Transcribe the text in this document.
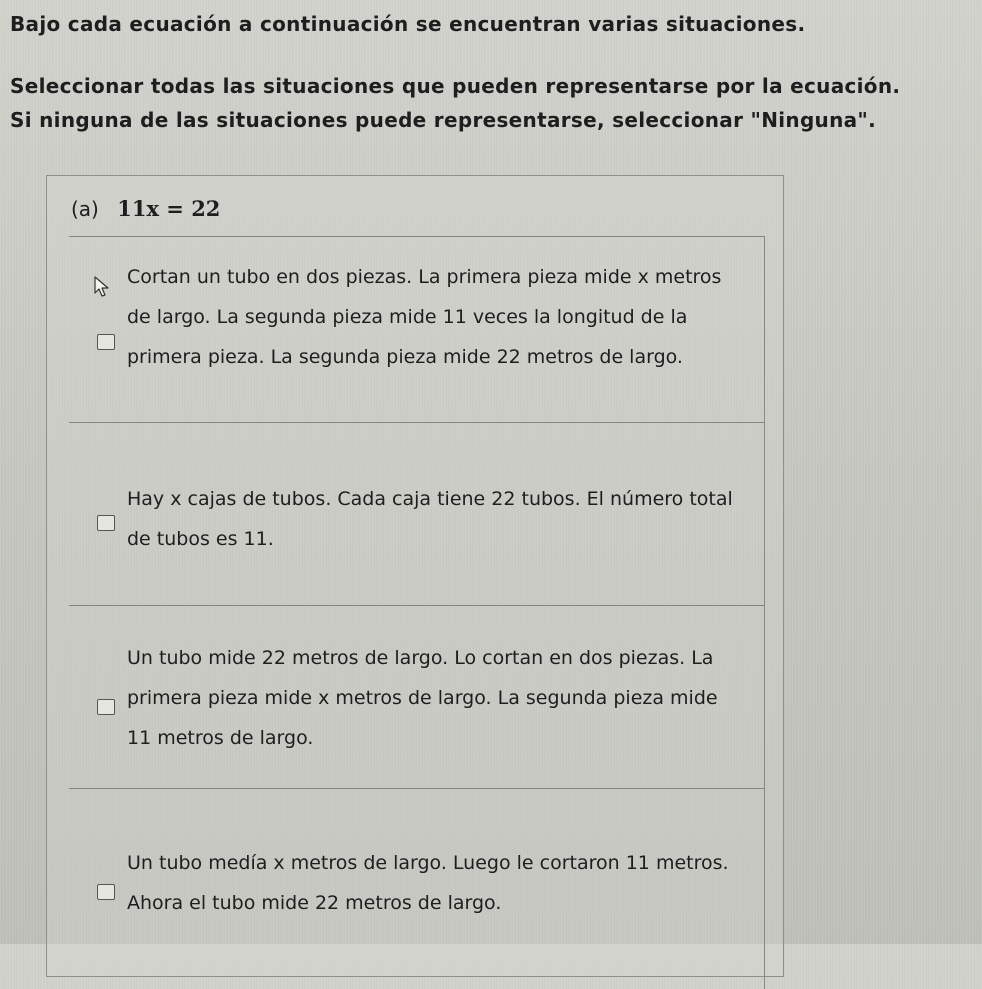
Bajo cada ecuación a continuación se encuentran varias situaciones.
Seleccionar todas las situaciones que pueden representarse por la ecuación.
Si ninguna de las situaciones puede representarse, seleccionar "Ninguna".
(a) 11x = 22
Cortan un tubo en dos piezas. La primera pieza mide x metros de largo. La segunda pieza mide 11 veces la longitud de la primera pieza. La segunda pieza mide 22 metros de largo.
Hay x cajas de tubos. Cada caja tiene 22 tubos. El número total de tubos es 11.
Un tubo mide 22 metros de largo. Lo cortan en dos piezas. La primera pieza mide x metros de largo. La segunda pieza mide 11 metros de largo.
Un tubo medía x metros de largo. Luego le cortaron 11 metros. Ahora el tubo mide 22 metros de largo.
